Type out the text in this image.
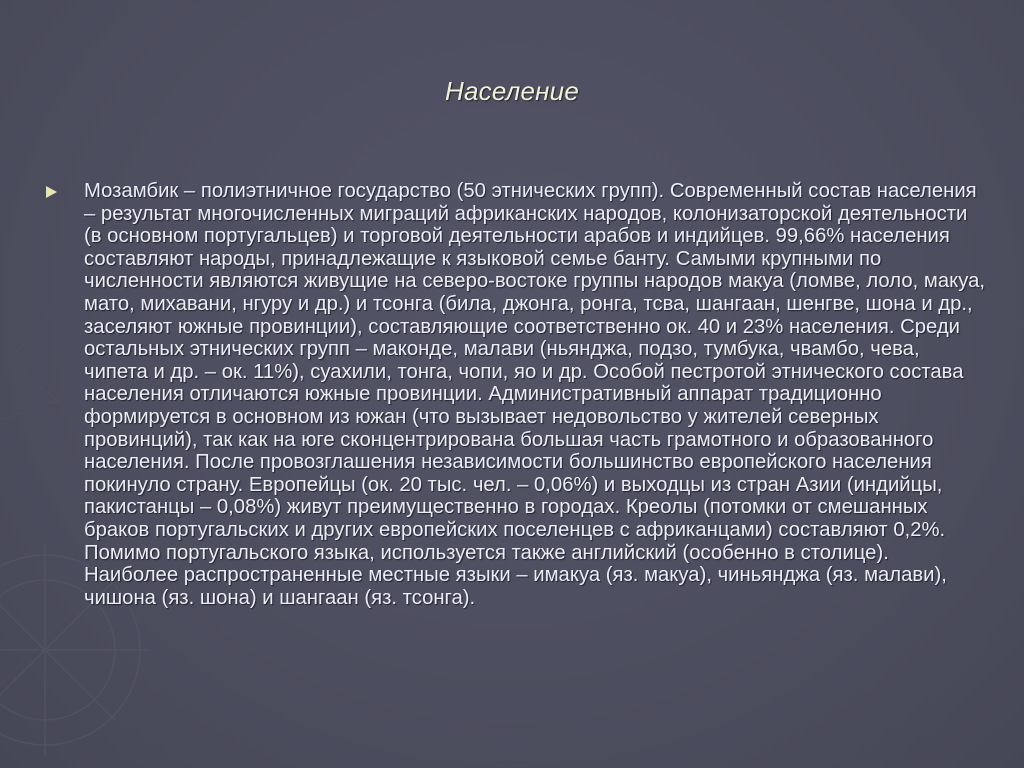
Население
Мозамбик – полиэтничное государство (50 этнических групп). Современный состав населения – результат многочисленных миграций африканских народов, колонизаторской деятельности (в основном португальцев) и торговой деятельности арабов и индийцев. 99,66% населения составляют народы, принадлежащие к языковой семье банту. Самыми крупными по численности являются живущие на северо-востоке группы народов макуа (ломве, лоло, макуа, мато, михавани, нгуру и др.) и тсонга (била, джонга, ронга, тсва, шангаан, шенгве, шона и др., заселяют южные провинции), составляющие соответственно ок. 40 и 23% населения. Среди остальных этнических групп – маконде, малави (ньянджа, подзо, тумбука, чвамбо, чева, чипета и др. – ок. 11%), суахили, тонга, чопи, яо и др. Особой пестротой этнического состава населения отличаются южные провинции. Административный аппарат традиционно формируется в основном из южан (что вызывает недовольство у жителей северных провинций), так как на юге сконцентрирована большая часть грамотного и образованного населения. После провозглашения независимости большинство европейского населения покинуло страну. Европейцы (ок. 20 тыс. чел. – 0,06%) и выходцы из стран Азии (индийцы, пакистанцы – 0,08%) живут преимущественно в городах. Креолы (потомки от смешанных браков португальских и других европейских поселенцев с африканцами) составляют 0,2%. Помимо португальского языка, используется также английский (особенно в столице). Наиболее распространенные местные языки – имакуа (яз. макуа), чиньянджа (яз. малави), чишона (яз. шона) и шангаан (яз. тсонга).
